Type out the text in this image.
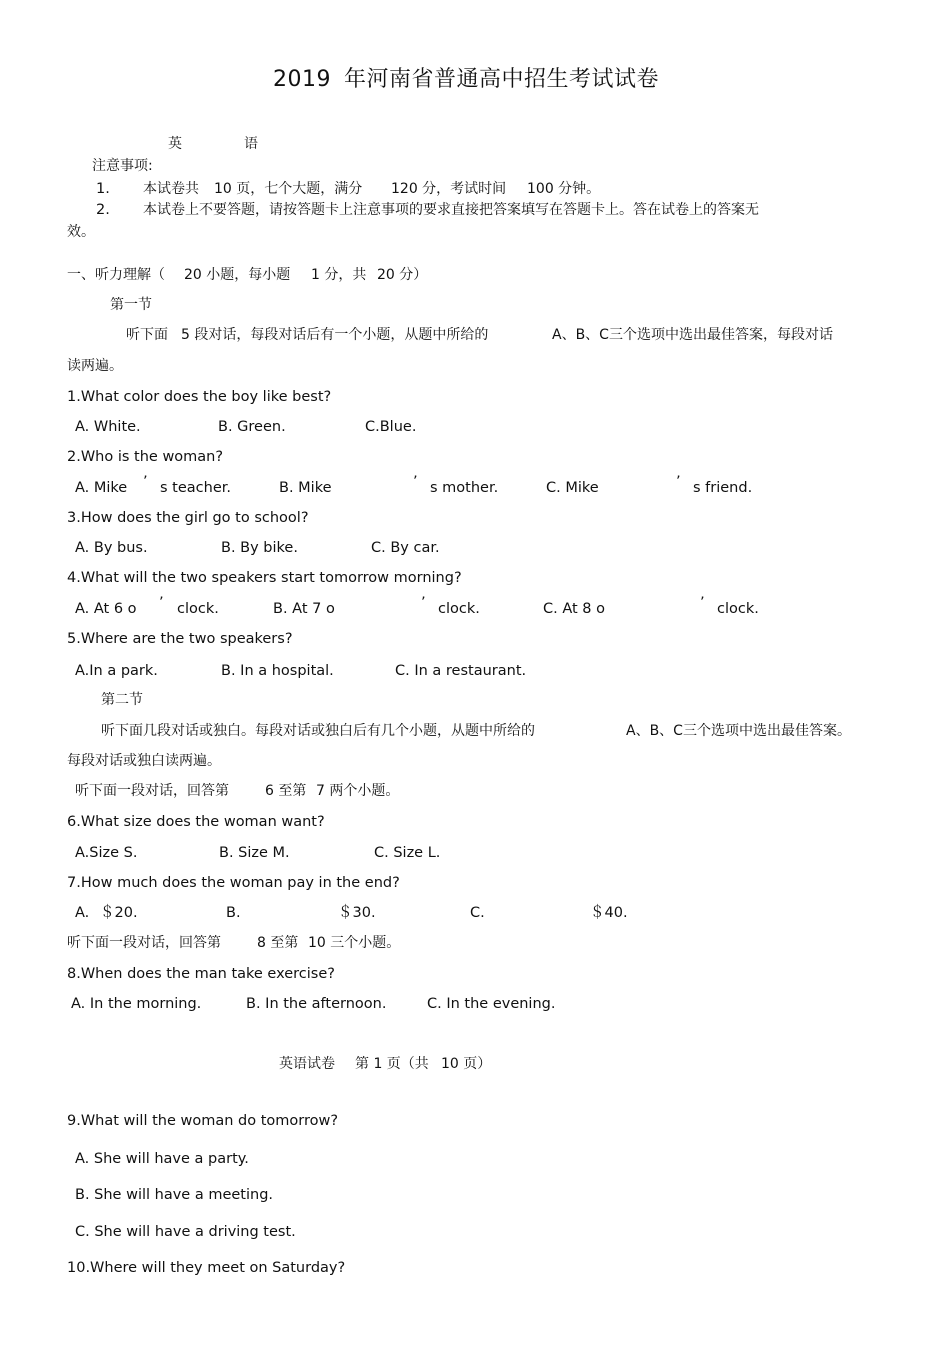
2019 年河南省普通高中招生考试试卷
英	语
注意事项:
1. 本试卷共 10 页，七个大题，满分 120 分，考试时间 100 分钟。
2. 本试卷上不要答题，请按答题卡上注意事项的要求直接把答案填写在答题卡上。答在试卷上的答案无
效。
一、听力理解（ 20 小题，每小题 1 分，共 20 分）
第一节
听下面 5 段对话，每段对话后有一个小题，从题中所给的	A、B、C三个选项中选出最佳答案，每段对话
读两遍。
1.What color does the boy like best?
A. White.	B. Green.	C.Blue.
2.Who is the woman?
A. Mike ’ s teacher.	B. Mike	’ s mother.	C. Mike	’ s friend.
3.How does the girl go to school?
A. By bus.	B. By bike.	C. By car.
4.What will the two speakers start tomorrow morning?
A. At 6 o ’ clock.	B. At 7 o	’ clock.	C. At 8 o	’ clock.
5.Where are the two speakers?
A.In a park.	B. In a hospital.	C. In a restaurant.
第二节
听下面几段对话或独白。每段对话或独白后有几个小题，从题中所给的	A、B、C三个选项中选出最佳答案。
每段对话或独白读两遍。
听下面一段对话，回答第	6 至第 7 两个小题。
6.What size does the woman want?
A.Size S.	B. Size M.	C. Size L.
7.How much does the woman pay in the end?
A. ＄20.	B.	＄30.	C.	＄40.
听下面一段对话，回答第	8 至第 10 三个小题。
8.When does the man take exercise?
A. In the morning.	B. In the afternoon.	C. In the evening.
英语试卷 第 1 页（共 10 页）
9.What will the woman do tomorrow?
A. She will have a party.
B. She will have a meeting.
C. She will have a driving test.
10.Where will they meet on Saturday?
